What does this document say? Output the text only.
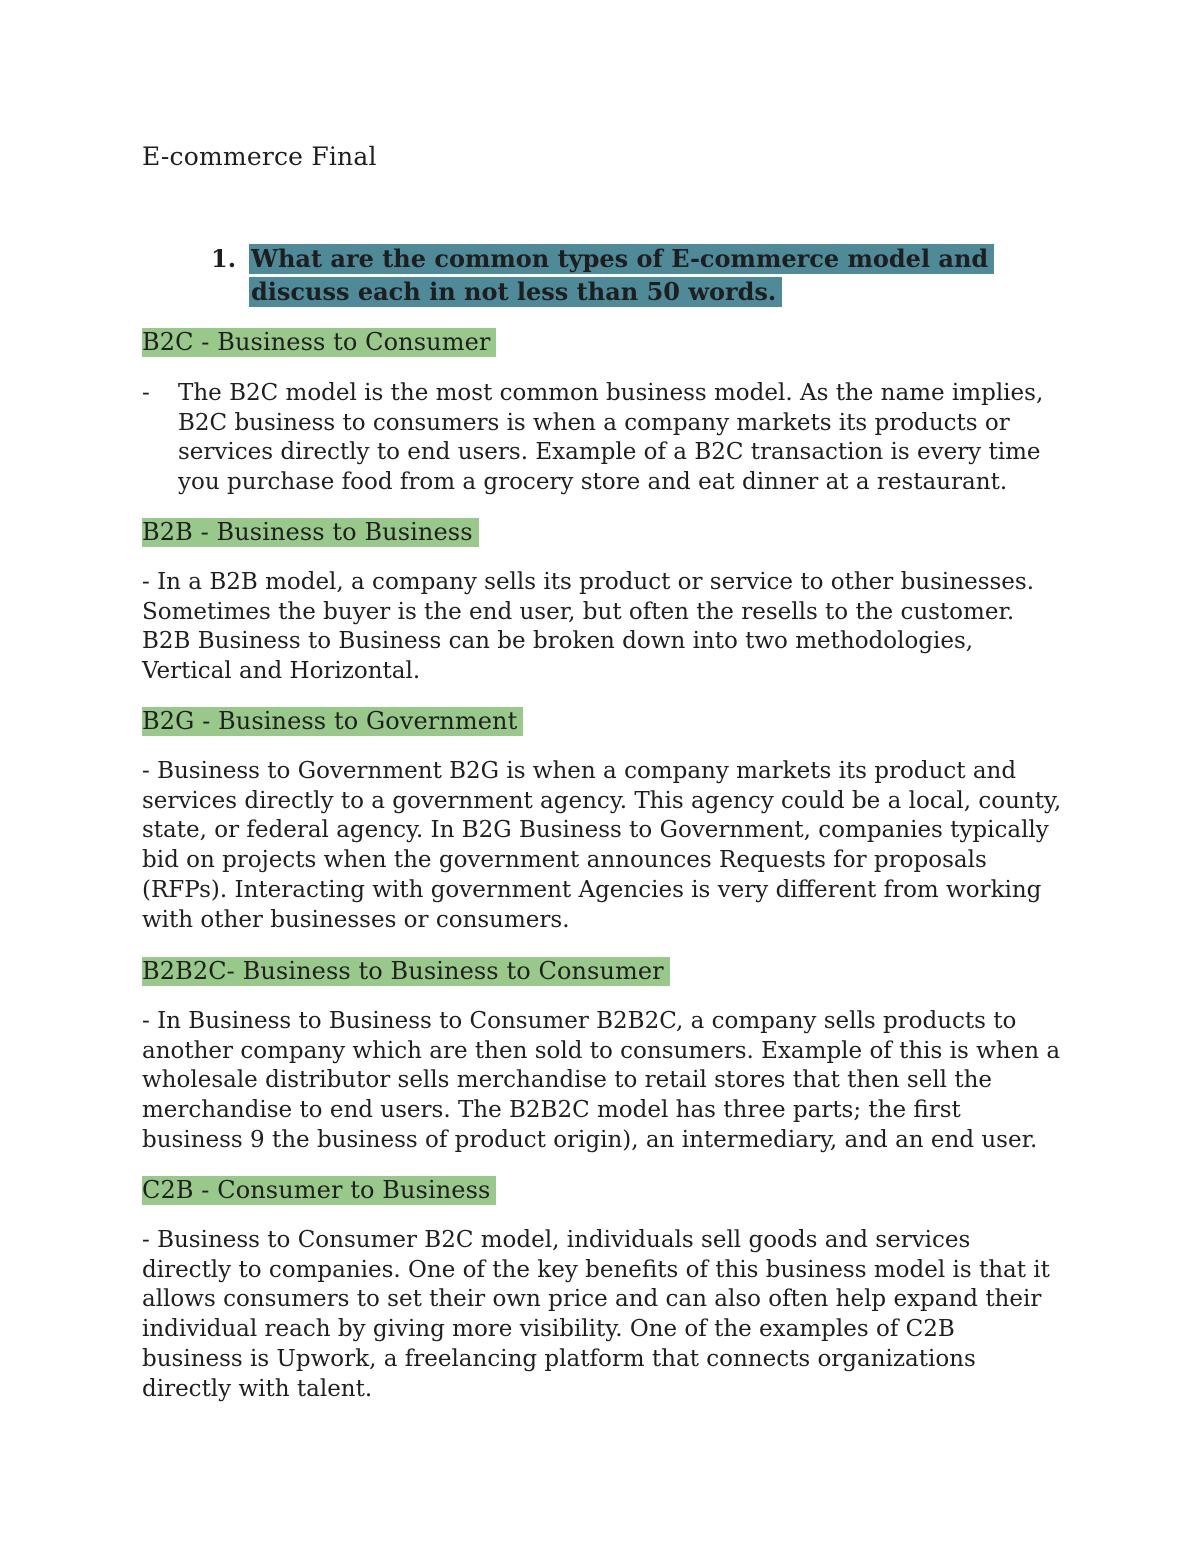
E-commerce Final
1. What are the common types of E-commerce model and discuss each in not less than 50 words.
B2C - Business to Consumer
- The B2C model is the most common business model. As the name implies, B2C business to consumers is when a company markets its products or services directly to end users. Example of a B2C transaction is every time you purchase food from a grocery store and eat dinner at a restaurant.
B2B - Business to Business
- In a B2B model, a company sells its product or service to other businesses. Sometimes the buyer is the end user, but often the resells to the customer. B2B Business to Business can be broken down into two methodologies, Vertical and Horizontal.
B2G - Business to Government
- Business to Government B2G is when a company markets its product and services directly to a government agency. This agency could be a local, county, state, or federal agency. In B2G Business to Government, companies typically bid on projects when the government announces Requests for proposals (RFPs). Interacting with government Agencies is very different from working with other businesses or consumers.
B2B2C- Business to Business to Consumer
- In Business to Business to Consumer B2B2C, a company sells products to another company which are then sold to consumers. Example of this is when a wholesale distributor sells merchandise to retail stores that then sell the merchandise to end users. The B2B2C model has three parts; the first business 9 the business of product origin), an intermediary, and an end user.
C2B - Consumer to Business
- Business to Consumer B2C model, individuals sell goods and services directly to companies. One of the key benefits of this business model is that it allows consumers to set their own price and can also often help expand their individual reach by giving more visibility. One of the examples of C2B business is Upwork, a freelancing platform that connects organizations directly with talent.
